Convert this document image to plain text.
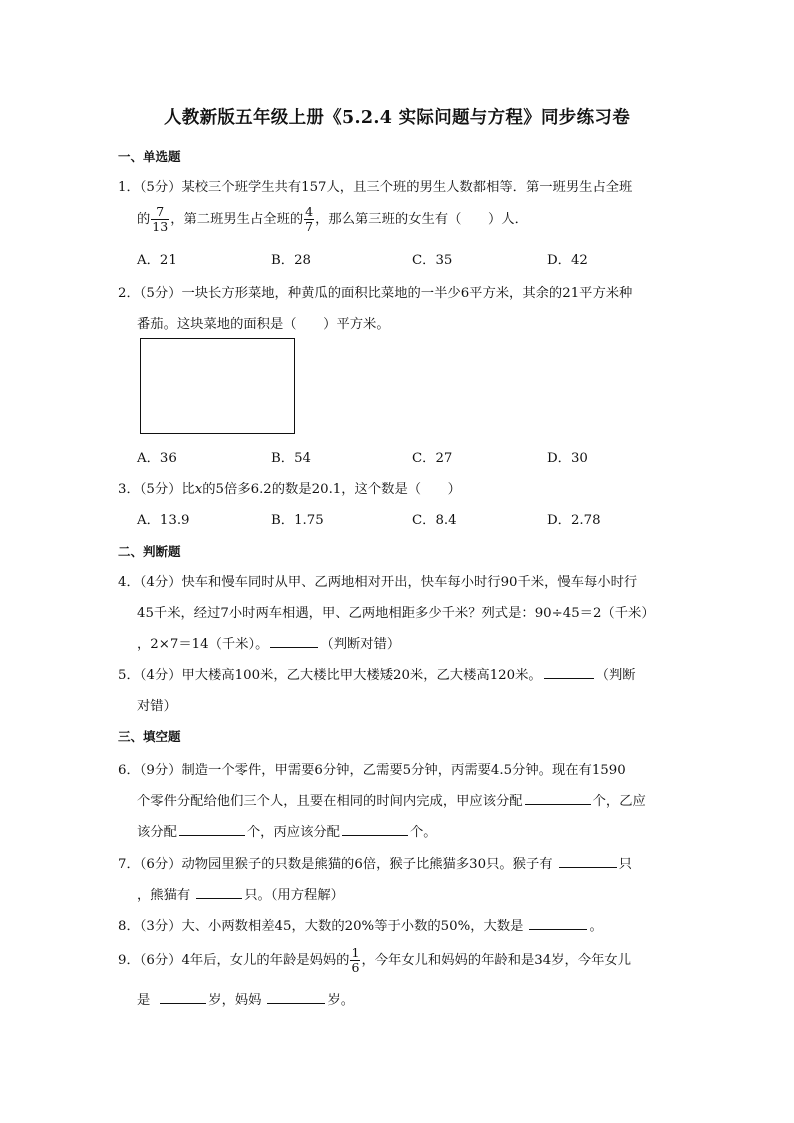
人教新版五年级上册《5.2.4 实际问题与方程》同步练习卷
一、单选题
1．（5分）某校三个班学生共有157人，且三个班的男生人数都相等．第一班男生占全班
的 $\frac{7}{13}$ ，第二班男生占全班的 $\frac{4}{7}$ ，那么第三班的女生有（　　）人．
A．21	B．28	C．35	D．42
2．（5分）一块长方形菜地，种黄瓜的面积比菜地的一半少6平方米，其余的21平方米种
番茄。这块菜地的面积是（　　）平方米。
A．36	B．54	C．27	D．30
3．（5分）比x的5倍多6.2的数是20.1，这个数是（　　）
A．13.9	B．1.75	C．8.4	D．2.78
二、判断题
4．（4分）快车和慢车同时从甲、乙两地相对开出，快车每小时行90千米，慢车每小时行
45千米，经过7小时两车相遇，甲、乙两地相距多少千米？列式是：90÷45＝2（千米）
，2×7＝14（千米）。	（判断对错）
5．（4分）甲大楼高100米，乙大楼比甲大楼矮20米，乙大楼高120米。	（判断
对错）
三、填空题
6．（9分）制造一个零件，甲需要6分钟，乙需要5分钟，丙需要4.5分钟。现在有1590
个零件分配给他们三个人，且要在相同的时间内完成，甲应该分配	个，乙应
该分配	个，丙应该分配	个。
7．（6分）动物园里猴子的只数是熊猫的6倍，猴子比熊猫多30只。猴子有	只
，熊猫有	只。（用方程解）
8．（3分）大、小两数相差45，大数的20%等于小数的50%，大数是	。
9．（6分）4年后，女儿的年龄是妈妈的 $\frac{1}{6}$ ，今年女儿和妈妈的年龄和是34岁，今年女儿
是	岁，妈妈	岁。
